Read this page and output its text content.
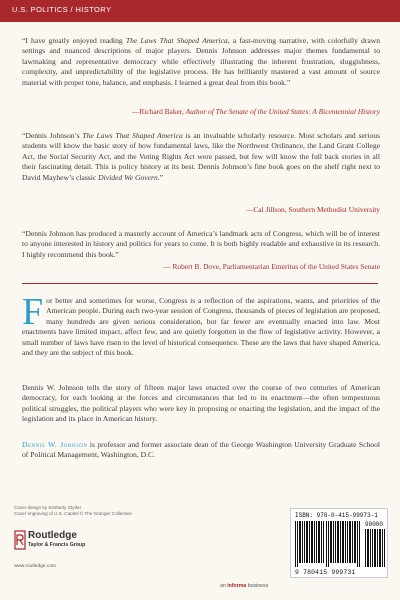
U.S. POLITICS / HISTORY
“I have greatly enjoyed reading The Laws That Shaped America, a fast-moving narrative, with colorfully drawn settings and nuanced descriptions of major players. Dennis Johnson addresses major themes fundamental to lawmaking and representative democracy while effectively illustrating the inherent frustration, sluggishness, complexity, and unpredictability of the legislative process. He has brilliantly mastered a vast amount of source material with proper tone, balance, and emphasis. I learned a great deal from this book.”
—Richard Baker, Author of The Senate of the United States: A Bicentennial History
“Dennis Johnson’s The Laws That Shaped America is an invaluable scholarly resource. Most scholars and serious students will know the basic story of how fundamental laws, like the Northwest Ordinance, the Land Grant College Act, the Social Security Act, and the Voting Rights Act were passed, but few will know the full back stories in all their fascinating detail. This is policy history at its best. Dennis Johnson’s fine book goes on the shelf right next to David Mayhew’s classic Divided We Govern.”
—Cal Jillson, Southern Methodist University
“Dennis Johnson has produced a masterly account of America’s landmark acts of Congress, which will be of interest to anyone interested in history and politics for years to come. It is both highly readable and exhaustive in its research. I highly recommend this book.”
— Robert B. Dove, Parliamentarian Emeritus of the United States Senate
For better and sometimes for worse, Congress is a reflection of the aspirations, wants, and priorities of the American people. During each two-year session of Congress, thousands of pieces of legislation are proposed, many hundreds are given serious consideration, but far fewer are eventually enacted into law. Most enactments have limited impact, affect few, and are quietly forgotten in the flow of legislative activity. However, a small number of laws have risen to the level of historical consequence. These are the laws that have shaped America, and they are the subject of this book.
Dennis W. Johnson tells the story of fifteen major laws enacted over the course of two centuries of American democracy, for each looking at the forces and circumstances that led to its enactment—the often tempestuous political struggles, the political players who were key in proposing or enacting the legislation, and the impact of the legislation and its place in American history.
Dennis W. Johnson is professor and former associate dean of the George Washington University Graduate School of Political Management, Washington, D.C.
Cover design by Kimberly Glyder
Cover engraving of U.S. Capitol © The Granger Collection
Routledge
Taylor & Francis Group
www.routledge.com
an informa business
ISBN: 978-0-415-99973-1
90000
9 780415 999731
